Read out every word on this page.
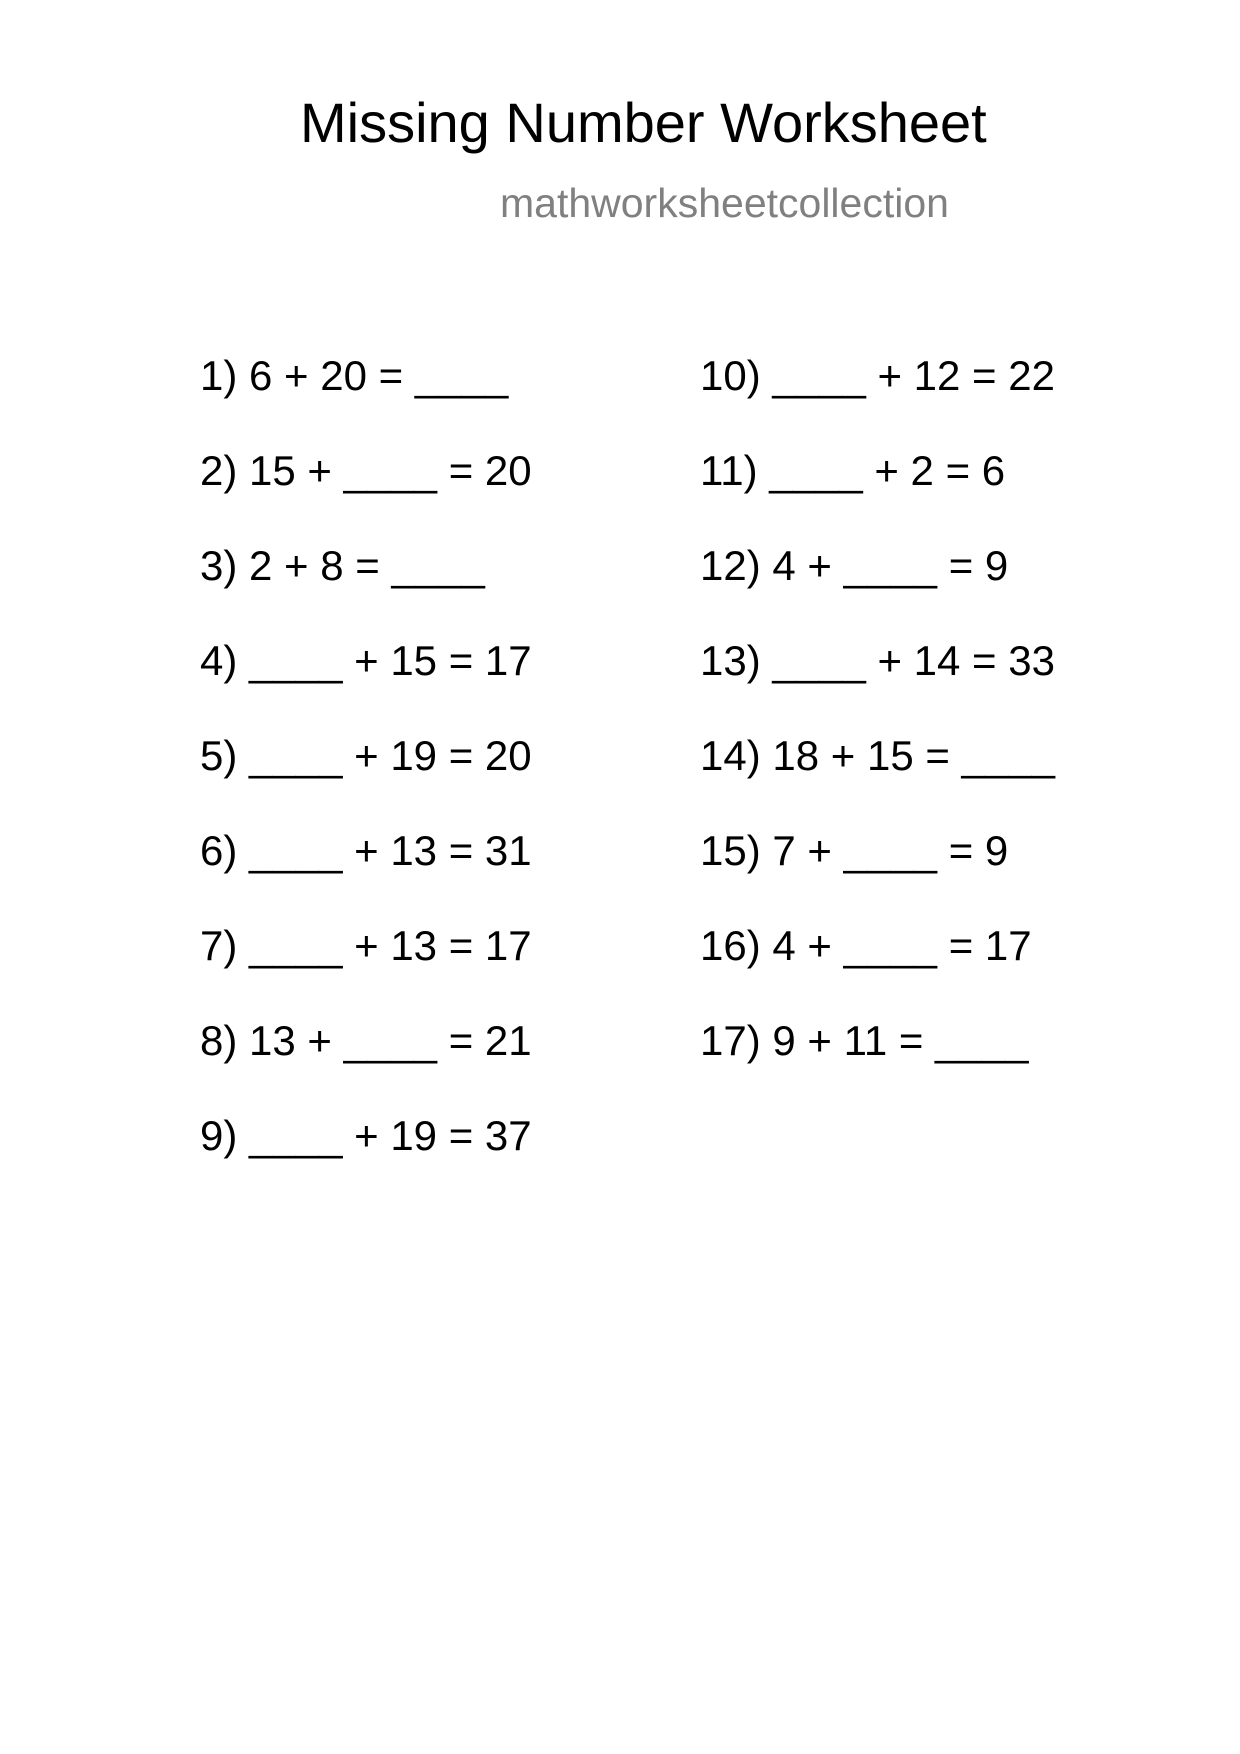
Missing Number Worksheet
mathworksheetcollection
1) 6 + 20 = ____
2) 15 + ____ = 20
3) 2 + 8 = ____
4) ____ + 15 = 17
5) ____ + 19 = 20
6) ____ + 13 = 31
7) ____ + 13 = 17
8) 13 + ____ = 21
9) ____ + 19 = 37
10) ____ + 12 = 22
11) ____ + 2 = 6
12) 4 + ____ = 9
13) ____ + 14 = 33
14) 18 + 15 = ____
15) 7 + ____ = 9
16) 4 + ____ = 17
17) 9 + 11 = ____
